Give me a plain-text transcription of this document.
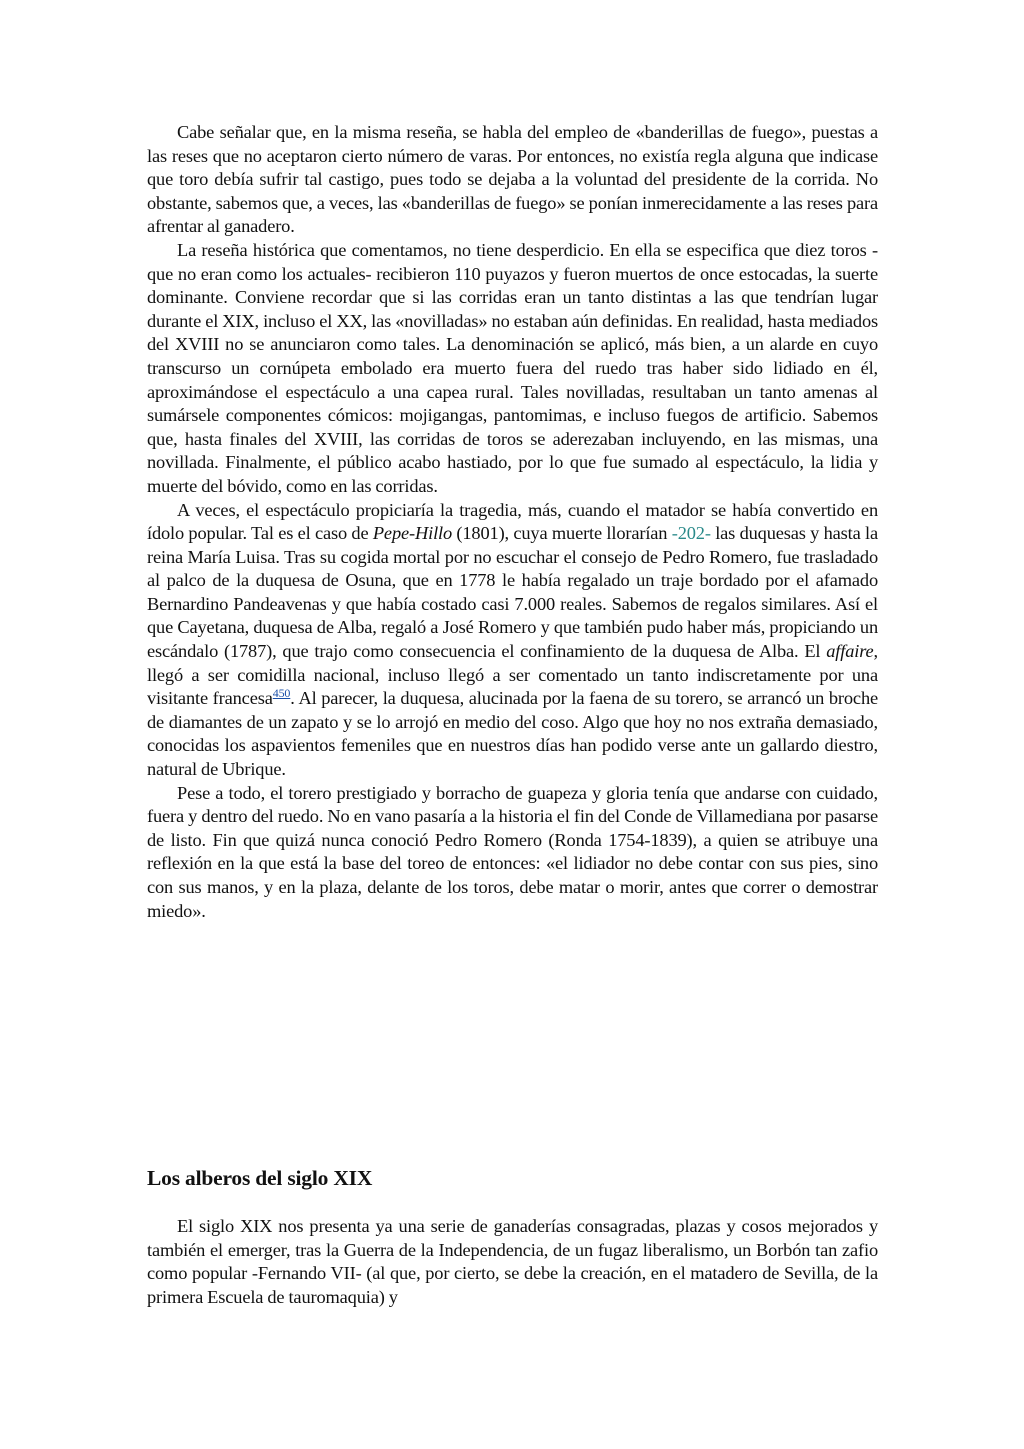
Cabe señalar que, en la misma reseña, se habla del empleo de «banderillas de fuego», puestas a las reses que no aceptaron cierto número de varas. Por entonces, no existía regla alguna que indicase que toro debía sufrir tal castigo, pues todo se dejaba a la voluntad del presidente de la corrida. No obstante, sabemos que, a veces, las «banderillas de fuego» se ponían inmerecidamente a las reses para afrentar al ganadero.

La reseña histórica que comentamos, no tiene desperdicio. En ella se especifica que diez toros -que no eran como los actuales- recibieron 110 puyazos y fueron muertos de once estocadas, la suerte dominante. Conviene recordar que si las corridas eran un tanto distintas a las que tendrían lugar durante el XIX, incluso el XX, las «novilladas» no estaban aún definidas. En realidad, hasta mediados del XVIII no se anunciaron como tales. La denominación se aplicó, más bien, a un alarde en cuyo transcurso un cornúpeta embolado era muerto fuera del ruedo tras haber sido lidiado en él, aproximándose el espectáculo a una capea rural. Tales novilladas, resultaban un tanto amenas al sumársele componentes cómicos: mojigangas, pantomimas, e incluso fuegos de artificio. Sabemos que, hasta finales del XVIII, las corridas de toros se aderezaban incluyendo, en las mismas, una novillada. Finalmente, el público acabo hastiado, por lo que fue sumado al espectáculo, la lidia y muerte del bóvido, como en las corridas.

A veces, el espectáculo propiciaría la tragedia, más, cuando el matador se había convertido en ídolo popular. Tal es el caso de Pepe-Hillo (1801), cuya muerte llorarían -202- las duquesas y hasta la reina María Luisa. Tras su cogida mortal por no escuchar el consejo de Pedro Romero, fue trasladado al palco de la duquesa de Osuna, que en 1778 le había regalado un traje bordado por el afamado Bernardino Pandeavenas y que había costado casi 7.000 reales. Sabemos de regalos similares. Así el que Cayetana, duquesa de Alba, regaló a José Romero y que también pudo haber más, propiciando un escándalo (1787), que trajo como consecuencia el confinamiento de la duquesa de Alba. El affaire, llegó a ser comidilla nacional, incluso llegó a ser comentado un tanto indiscretamente por una visitante francesa$^{450}$. Al parecer, la duquesa, alucinada por la faena de su torero, se arrancó un broche de diamantes de un zapato y se lo arrojó en medio del coso. Algo que hoy no nos extraña demasiado, conocidas los aspavientos femeniles que en nuestros días han podido verse ante un gallardo diestro, natural de Ubrique.

Pese a todo, el torero prestigiado y borracho de guapeza y gloria tenía que andarse con cuidado, fuera y dentro del ruedo. No en vano pasaría a la historia el fin del Conde de Villamediana por pasarse de listo. Fin que quizá nunca conoció Pedro Romero (Ronda 1754-1839), a quien se atribuye una reflexión en la que está la base del toreo de entonces: «el lidiador no debe contar con sus pies, sino con sus manos, y en la plaza, delante de los toros, debe matar o morir, antes que correr o demostrar miedo».

Los alberos del siglo XIX

El siglo XIX nos presenta ya una serie de ganaderías consagradas, plazas y cosos mejorados y también el emerger, tras la Guerra de la Independencia, de un fugaz liberalismo, un Borbón tan zafio como popular -Fernando VII- (al que, por cierto, se debe la creación, en el matadero de Sevilla, de la primera Escuela de tauromaquia) y
